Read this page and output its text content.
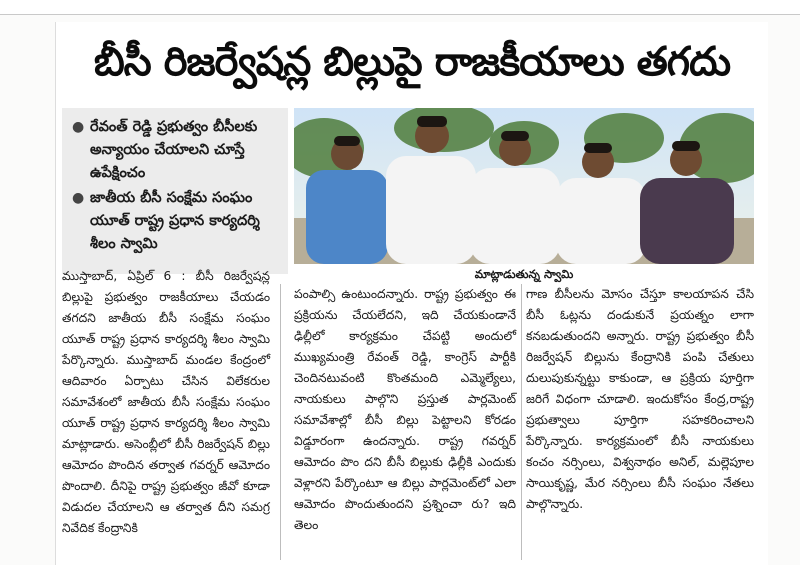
బీసీ రిజర్వేషన్ల బిల్లుపై రాజకీయాలు తగదు
● రేవంత్ రెడ్డి ప్రభుత్వం బీసీలకు అన్యాయం చేయాలని చూస్తే ఉపేక్షించం
● జాతీయ బీసీ సంక్షేమ సంఘం యూత్ రాష్ట్ర ప్రధాన కార్యదర్శి శీలం స్వామి
మాట్లాడుతున్న స్వామి
ముస్తాబాద్, ఏప్రిల్ 6 : బీసీ రిజర్వేషన్ల బిల్లుపై ప్రభుత్వం రాజకీయాలు చేయడం తగదని జాతీయ బీసీ సంక్షేమ సంఘం యూత్ రాష్ట్ర ప్రధాన కార్యదర్శి శీలం స్వామి పేర్కొన్నారు. ముస్తాబాద్ మండల కేంద్రంలో ఆదివారం ఏర్పాటు చేసిన విలేకరుల సమావేశంలో జాతీయ బీసీ సంక్షేమ సంఘం యూత్ రాష్ట్ర ప్రధాన కార్యదర్శి శీలం స్వామి మాట్లాడారు. అసెంబ్లీలో బీసీ రిజర్వేషన్ బిల్లు ఆమోదం పొందిన తర్వాత గవర్నర్ ఆమోదం పొందాలి. దీనిపై రాష్ట్ర ప్రభుత్వం జీవో కూడా విడుదల చేయాలని ఆ తర్వాత దీని సమగ్ర నివేదిక కేంద్రానికి
పంపాల్సి ఉంటుందన్నారు. రాష్ట్ర ప్రభుత్వం ఈ ప్రక్రియను చేయలేదని, ఇది చేయకుండానే ఢిల్లీలో కార్యక్రమం చేపట్టి అందులో ముఖ్యమంత్రి రేవంత్ రెడ్డి, కాంగ్రెస్ పార్టీకి చెందినటువంటి కొంతమంది ఎమ్మెల్యేలు, నాయకులు పాల్గొని ప్రస్తుత పార్లమెంట్ సమావేశాల్లో బీసీ బిల్లు పెట్టాలని కోరడం విడ్డూరంగా ఉందన్నారు. రాష్ట్ర గవర్నర్ ఆమోదం పొం దని బీసీ బిల్లుకు ఢిల్లీకి ఎందుకు వెళ్లారని పేర్కొంటూ ఆ బిల్లు పార్లమెంట్‌లో ఎలా ఆమోదం పొందుతుందని ప్రశ్నించా రు? ఇది తెలం
గాణ బీసీలను మోసం చేస్తూ కాలయాపన చేసి బీసీ ఓట్లను దండుకునే ప్రయత్నం లాగా కనబడుతుందని అన్నారు. రాష్ట్ర ప్రభుత్వం బీసీ రిజర్వేషన్ బిల్లును కేంద్రానికి పంపి చేతులు దులుపుకున్నట్టు కాకుండా, ఆ ప్రక్రియ పూర్తిగా జరిగే విధంగా చూడాలి. ఇందుకోసం కేంద్ర,రాష్ట్ర ప్రభుత్వాలు పూర్తిగా సహకరించాలని పేర్కొన్నారు. కార్యక్రమంలో బీసీ నాయకులు కంచం నర్సింలు, విశ్వనాథం అనిల్, మల్లెపూల సాయికృష్ణ, మేర నర్సింలు బీసీ సంఘం నేతలు పాల్గొన్నారు.
